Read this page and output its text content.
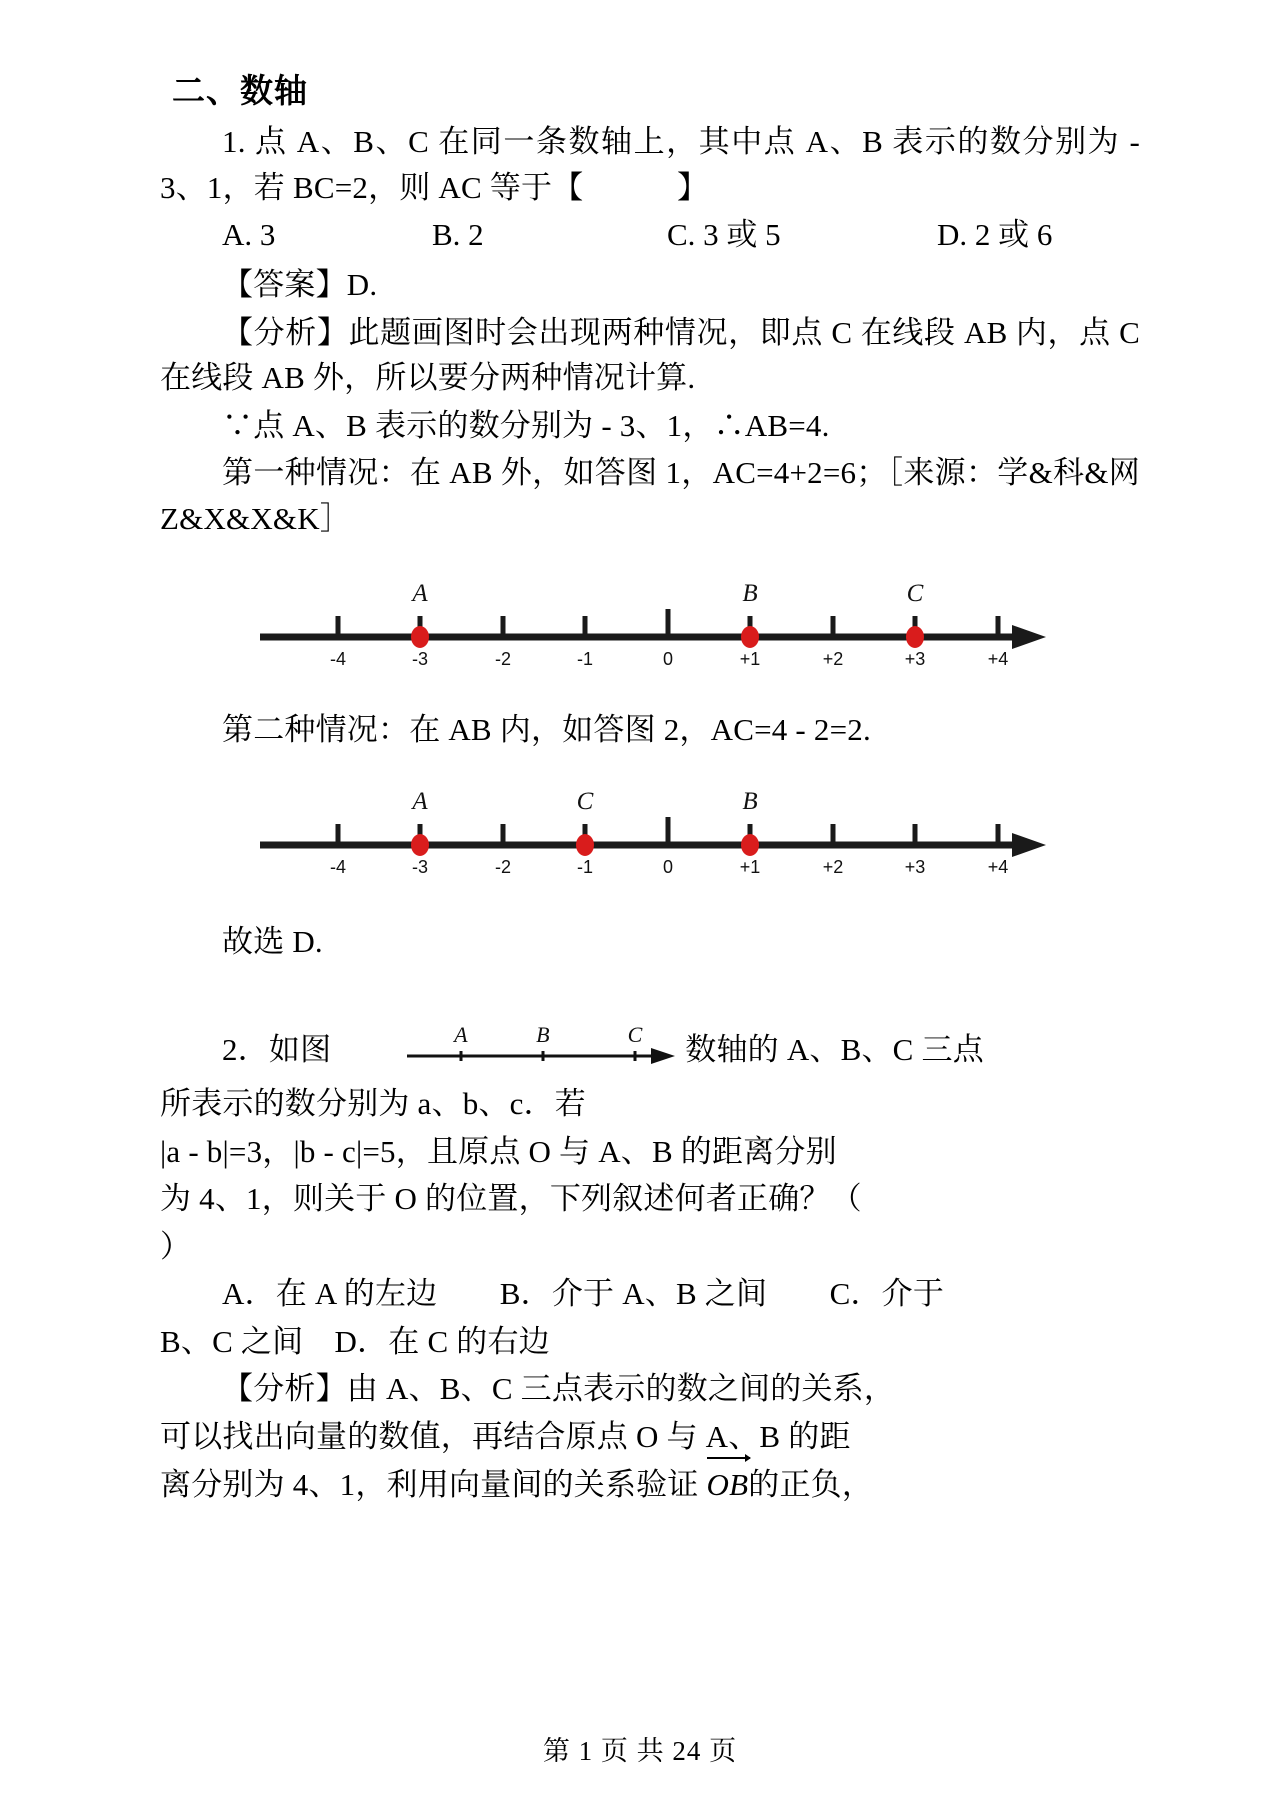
二、数轴

1. 点 A、B、C 在同一条数轴上，其中点 A、B 表示的数分别为 - 3、1，若 BC=2，则 AC 等于【　　　】

A. 3	B. 2	C. 3 或 5	D. 2 或 6

【答案】D.

【分析】此题画图时会出现两种情况，即点 C 在线段 AB 内，点 C 在线段 AB 外，所以要分两种情况计算.

∵点 A、B 表示的数分别为 - 3、1，∴AB=4.

第一种情况：在 AB 外，如答图 1，AC=4+2=6；［来源：学&科&网 Z&X&X&K］

A	B	C
-4	-3	-2	-1	0	+1	+2	+3	+4

第二种情况：在 AB 内，如答图 2，AC=4 - 2=2.

A	C	B
-4	-3	-2	-1	0	+1	+2	+3	+4

故选 D.

2．如图	A	B	C 数轴的 A、B、C 三点

所表示的数分别为 a、b、c．若

|a - b|=3，|b - c|=5，且原点 O 与 A、B 的距离分别

为 4、1，则关于 O 的位置，下列叙述何者正确？（

）

A．在 A 的左边　　B．介于 A、B 之间　　C．介于

B、C 之间　D．在 C 的右边

【分析】由 A、B、C 三点表示的数之间的关系，

可以找出向量的数值，再结合原点 O 与 A、B 的距

离分别为 4、1，利用向量间的关系验证 OB的正负，

第 1 页 共 24 页
